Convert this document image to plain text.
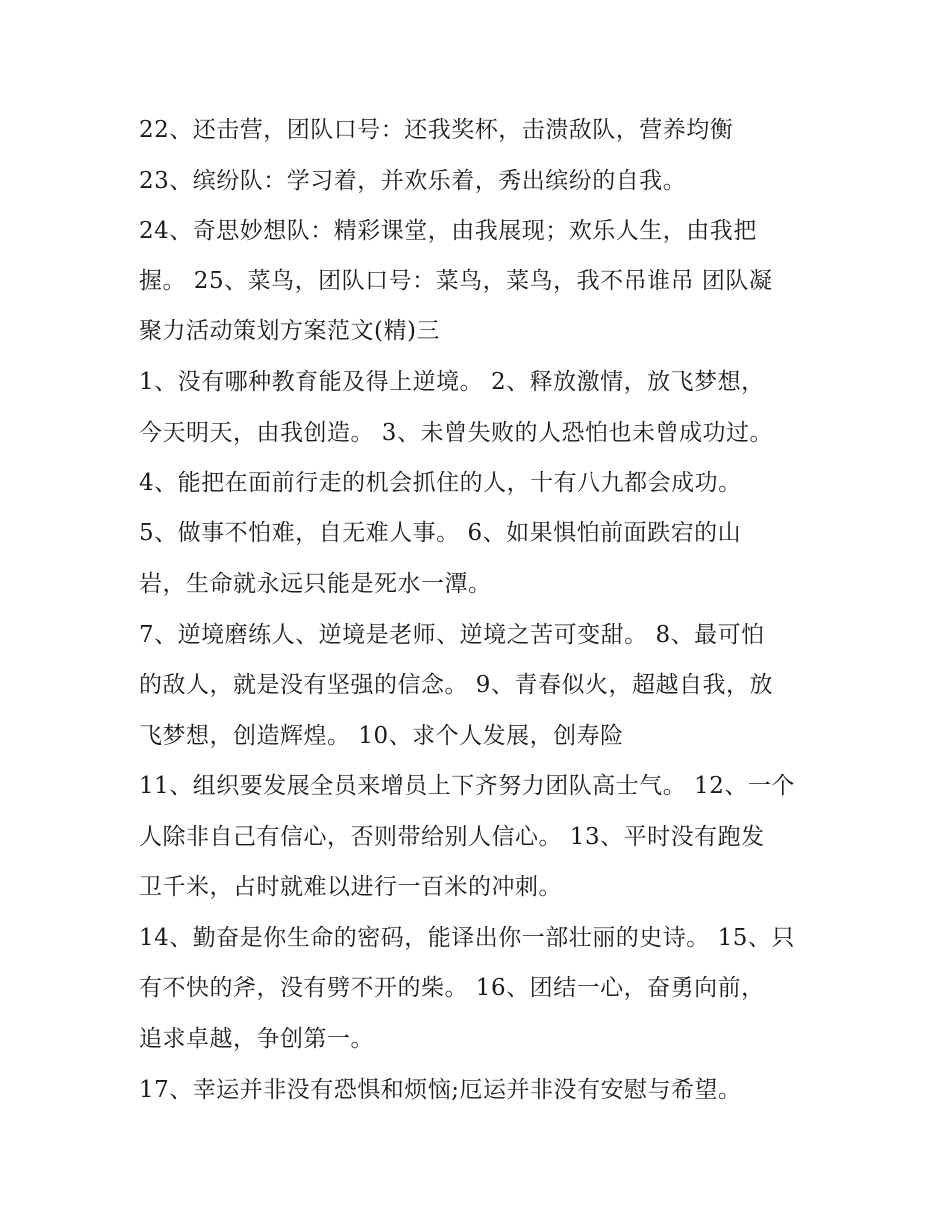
22、还击营，团队口号：还我奖杯，击溃敌队，营养均衡
23、缤纷队：学习着，并欢乐着，秀出缤纷的自我。
24、奇思妙想队：精彩课堂，由我展现；欢乐人生，由我把
握。 25、菜鸟，团队口号：菜鸟，菜鸟，我不吊谁吊 团队凝
聚力活动策划方案范文(精)三
1、没有哪种教育能及得上逆境。 2、释放激情，放飞梦想，
今天明天，由我创造。 3、未曾失败的人恐怕也未曾成功过。
4、能把在面前行走的机会抓住的人，十有八九都会成功。
5、做事不怕难，自无难人事。 6、如果惧怕前面跌宕的山
岩，生命就永远只能是死水一潭。
7、逆境磨练人、逆境是老师、逆境之苦可变甜。 8、最可怕
的敌人，就是没有坚强的信念。 9、青春似火，超越自我，放
飞梦想，创造辉煌。 10、求个人发展，创寿险
11、组织要发展全员来增员上下齐努力团队高士气。 12、一个
人除非自己有信心，否则带给别人信心。 13、平时没有跑发
卫千米，占时就难以进行一百米的冲刺。
14、勤奋是你生命的密码，能译出你一部壮丽的史诗。 15、只
有不快的斧，没有劈不开的柴。 16、团结一心，奋勇向前，
追求卓越，争创第一。
17、幸运并非没有恐惧和烦恼;厄运并非没有安慰与希望。
